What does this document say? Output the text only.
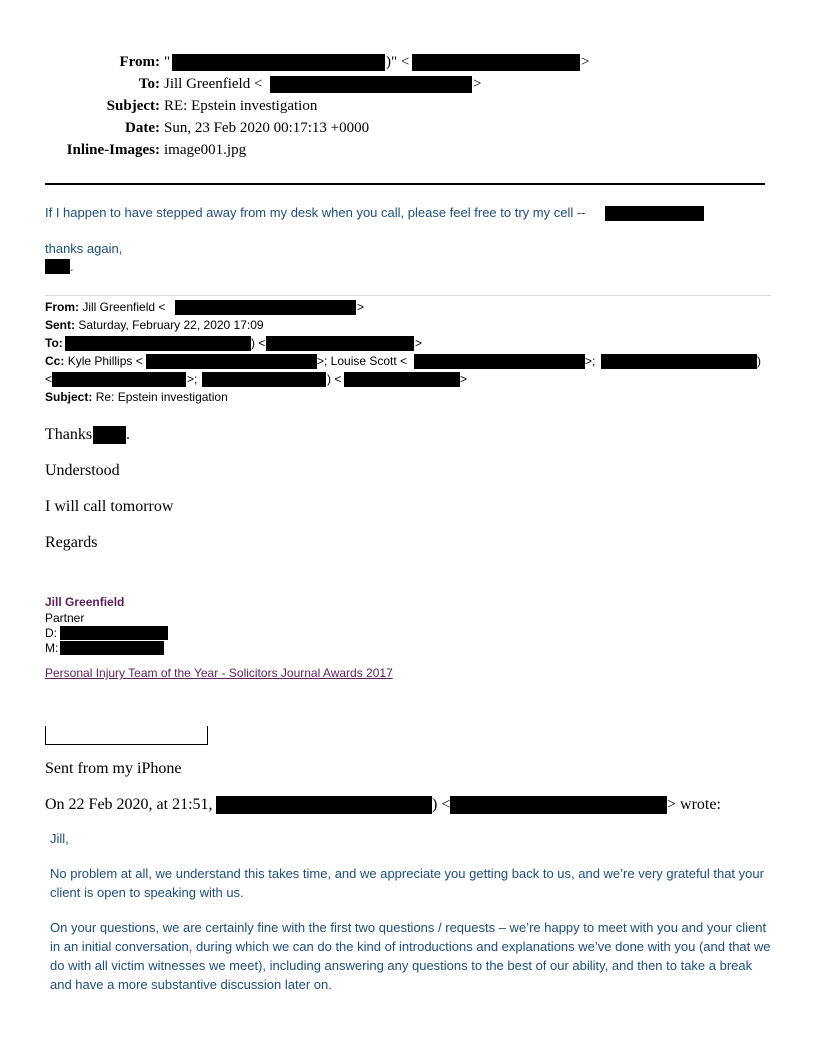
From: "	)" <	>
To: Jill Greenfield <	>
Subject: RE: Epstein investigation
Date: Sun, 23 Feb 2020 00:17:13 +0000
Inline-Images: image001.jpg
If I happen to have stepped away from my desk when you call, please feel free to try my cell --
thanks again,
.
From: Jill Greenfield <	>
Sent: Saturday, February 22, 2020 17:09
To:	) <	>
Cc: Kyle Phillips <	>; Louise Scott <	>;	)
<	>;	) <	>
Subject: Re: Epstein investigation
Thanks .
Understood
I will call tomorrow
Regards
Jill Greenfield
Partner
D:
M:
Personal Injury Team of the Year - Solicitors Journal Awards 2017
Sent from my iPhone
On 22 Feb 2020, at 21:51,	) <	> wrote:
Jill,
No problem at all, we understand this takes time, and we appreciate you getting back to us, and we’re very grateful that your client is open to speaking with us.
On your questions, we are certainly fine with the first two questions / requests – we’re happy to meet with you and your client in an initial conversation, during which we can do the kind of introductions and explanations we’ve done with you (and that we do with all victim witnesses we meet), including answering any questions to the best of our ability, and then to take a break and have a more substantive discussion later on.
